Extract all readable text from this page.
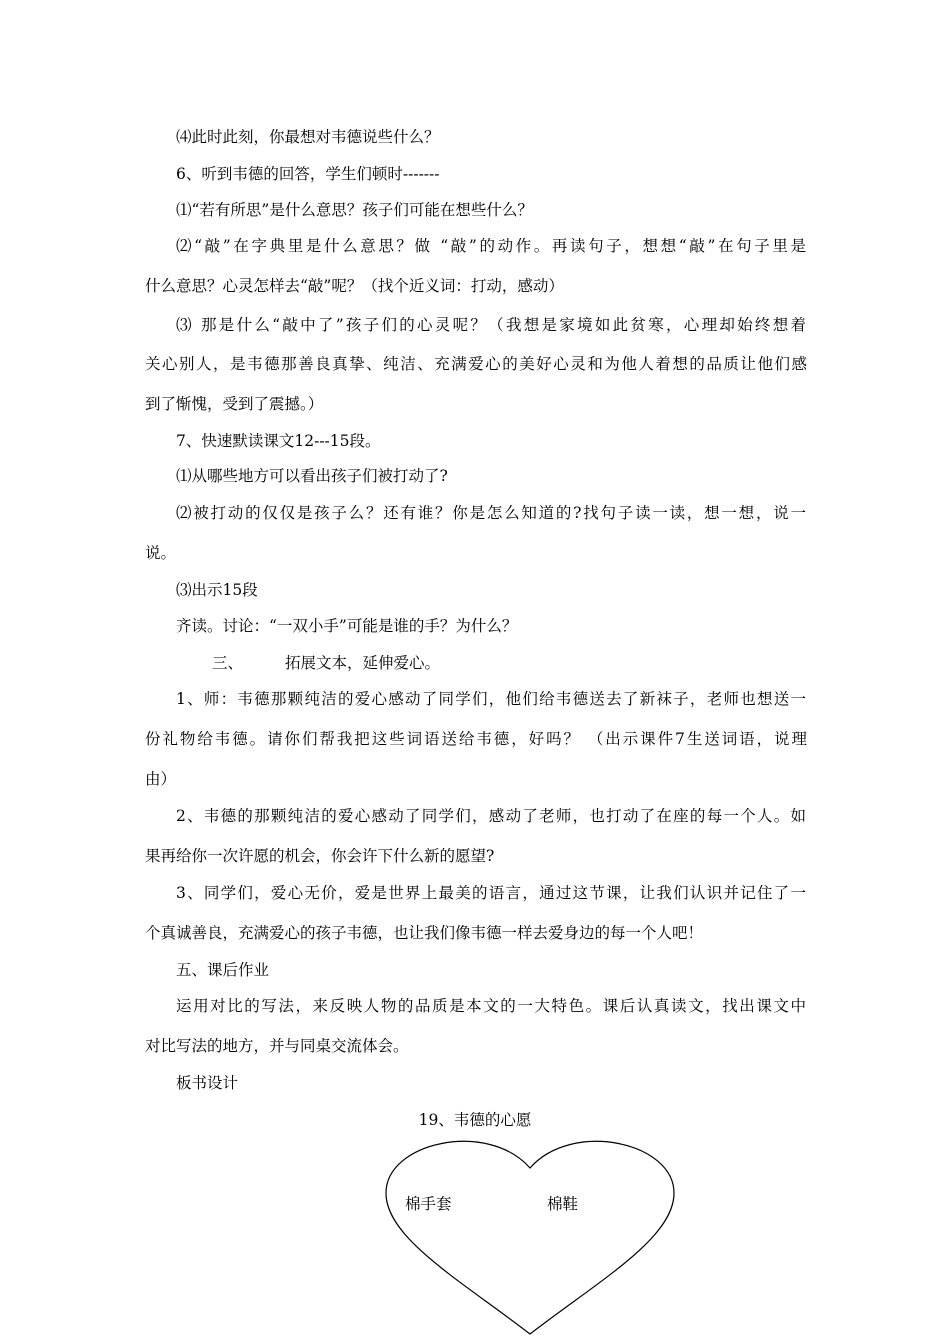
⑷此时此刻，你最想对韦德说些什么？
6、听到韦德的回答，学生们顿时-------
⑴“若有所思”是什么意思？孩子们可能在想些什么？
⑵“敲”在字典里是什么意思？做 “敲”的动作。再读句子，想想“敲”在句子里是
什么意思？心灵怎样去“敲”呢？（找个近义词：打动，感动）
⑶ 那是什么“敲中了”孩子们的心灵呢？（我想是家境如此贫寒，心理却始终想着
关心别人，是韦德那善良真挚、纯洁、充满爱心的美好心灵和为他人着想的品质让他们感
到了惭愧，受到了震撼。）
7、快速默读课文12---15段。
⑴从哪些地方可以看出孩子们被打动了?
⑵被打动的仅仅是孩子么？还有谁？你是怎么知道的?找句子读一读，想一想，说一
说。
⑶出示15段
齐读。讨论：“一双小手”可能是谁的手？为什么？
三、	拓展文本，延伸爱心。
1、师：韦德那颗纯洁的爱心感动了同学们，他们给韦德送去了新袜子，老师也想送一
份礼物给韦德。请你们帮我把这些词语送给韦德，好吗？ （出示课件7生送词语，说理
由）
2、韦德的那颗纯洁的爱心感动了同学们，感动了老师，也打动了在座的每一个人。如
果再给你一次许愿的机会，你会许下什么新的愿望?
3、同学们，爱心无价，爱是世界上最美的语言，通过这节课，让我们认识并记住了一
个真诚善良，充满爱心的孩子韦德，也让我们像韦德一样去爱身边的每一个人吧！
五、课后作业
运用对比的写法，来反映人物的品质是本文的一大特色。课后认真读文，找出课文中
对比写法的地方，并与同桌交流体会。
板书设计
19、韦德的心愿
棉手套	棉鞋
